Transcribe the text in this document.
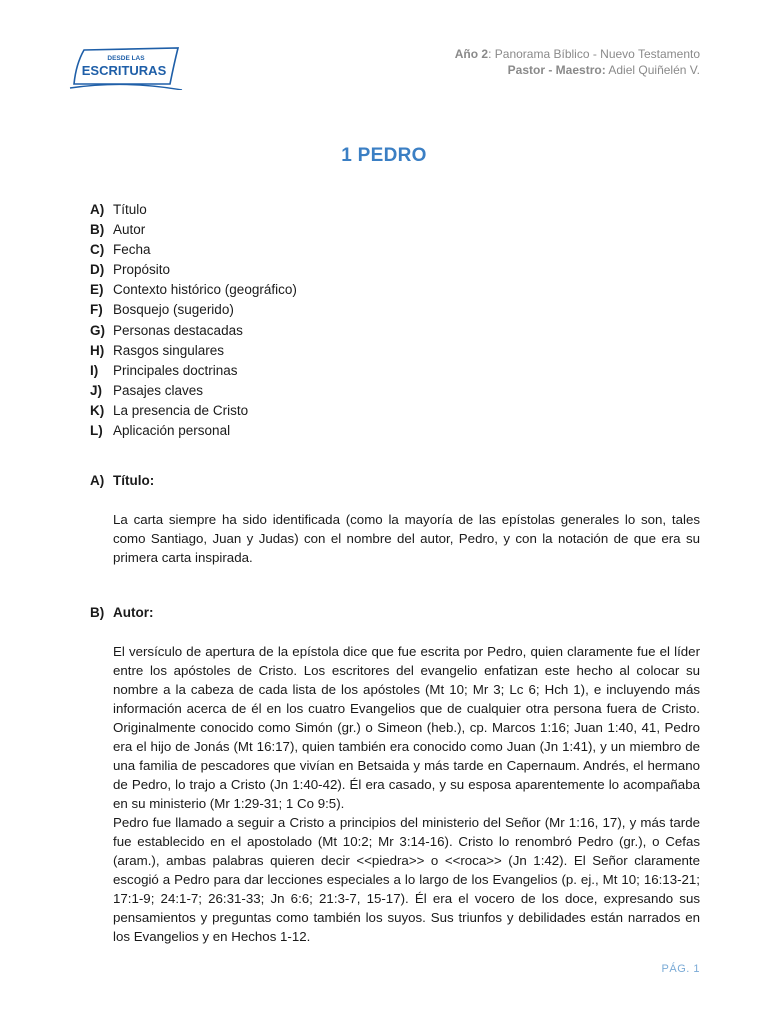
DESDE LAS
ESCRITURAS
Año 2: Panorama Bíblico - Nuevo Testamento
Pastor - Maestro: Adiel Quiñelén V.
1 PEDRO
A) Título
B) Autor
C) Fecha
D) Propósito
E) Contexto histórico (geográfico)
F) Bosquejo (sugerido)
G) Personas destacadas
H) Rasgos singulares
I)	Principales doctrinas
J) Pasajes claves
K) La presencia de Cristo
L) Aplicación personal
A) Título:

La carta siempre ha sido identificada (como la mayoría de las epístolas generales lo son, tales como Santiago, Juan y Judas) con el nombre del autor, Pedro, y con la notación de que era su primera carta inspirada.

B) Autor:

El versículo de apertura de la epístola dice que fue escrita por Pedro, quien claramente fue el líder entre los apóstoles de Cristo. Los escritores del evangelio enfatizan este hecho al colocar su nombre a la cabeza de cada lista de los apóstoles (Mt 10; Mr 3; Lc 6; Hch 1), e incluyendo más información acerca de él en los cuatro Evangelios que de cualquier otra persona fuera de Cristo. Originalmente conocido como Simón (gr.) o Simeon (heb.), cp. Marcos 1:16; Juan 1:40, 41, Pedro era el hijo de Jonás (Mt 16:17), quien también era conocido como Juan (Jn 1:41), y un miembro de una familia de pescadores que vivían en Betsaida y más tarde en Capernaum. Andrés, el hermano de Pedro, lo trajo a Cristo (Jn 1:40-42). Él era casado, y su esposa aparentemente lo acompañaba en su ministerio (Mr 1:29-31; 1 Co 9:5).

Pedro fue llamado a seguir a Cristo a principios del ministerio del Señor (Mr 1:16, 17), y más tarde fue establecido en el apostolado (Mt 10:2; Mr 3:14-16). Cristo lo renombró Pedro (gr.), o Cefas (aram.), ambas palabras quieren decir <<piedra>> o <<roca>> (Jn 1:42). El Señor claramente escogió a Pedro para dar lecciones especiales a lo largo de los Evangelios (p. ej., Mt 10; 16:13-21; 17:1-9; 24:1-7; 26:31-33; Jn 6:6; 21:3-7, 15-17). Él era el vocero de los doce, expresando sus pensamientos y preguntas como también los suyos. Sus triunfos y debilidades están narrados en los Evangelios y en Hechos 1-12.

PÁG. 1
